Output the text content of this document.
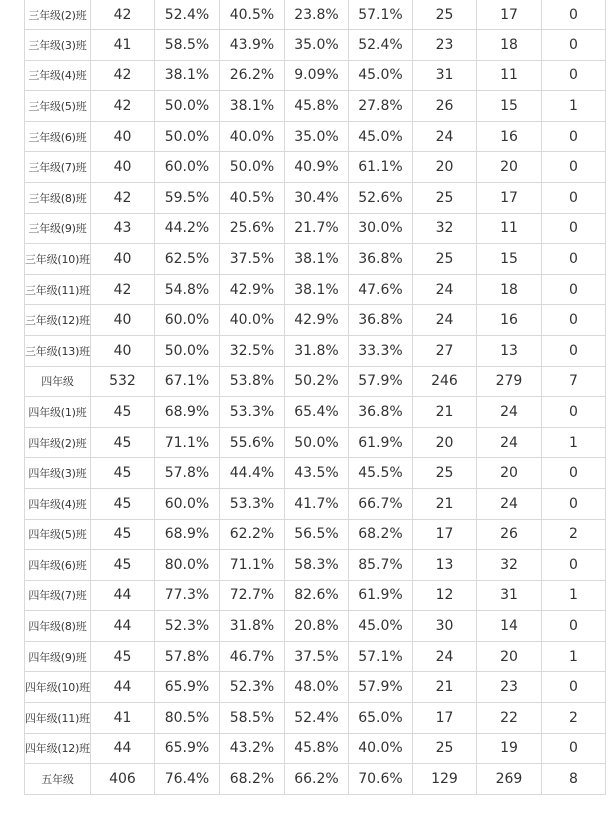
三年级(2)班	42	52.4%	40.5%	23.8%	57.1%	25	17	0
三年级(3)班	41	58.5%	43.9%	35.0%	52.4%	23	18	0
三年级(4)班	42	38.1%	26.2%	9.09%	45.0%	31	11	0
三年级(5)班	42	50.0%	38.1%	45.8%	27.8%	26	15	1
三年级(6)班	40	50.0%	40.0%	35.0%	45.0%	24	16	0
三年级(7)班	40	60.0%	50.0%	40.9%	61.1%	20	20	0
三年级(8)班	42	59.5%	40.5%	30.4%	52.6%	25	17	0
三年级(9)班	43	44.2%	25.6%	21.7%	30.0%	32	11	0
三年级(10)班	40	62.5%	37.5%	38.1%	36.8%	25	15	0
三年级(11)班	42	54.8%	42.9%	38.1%	47.6%	24	18	0
三年级(12)班	40	60.0%	40.0%	42.9%	36.8%	24	16	0
三年级(13)班	40	50.0%	32.5%	31.8%	33.3%	27	13	0
四年级	532	67.1%	53.8%	50.2%	57.9%	246	279	7
四年级(1)班	45	68.9%	53.3%	65.4%	36.8%	21	24	0
四年级(2)班	45	71.1%	55.6%	50.0%	61.9%	20	24	1
四年级(3)班	45	57.8%	44.4%	43.5%	45.5%	25	20	0
四年级(4)班	45	60.0%	53.3%	41.7%	66.7%	21	24	0
四年级(5)班	45	68.9%	62.2%	56.5%	68.2%	17	26	2
四年级(6)班	45	80.0%	71.1%	58.3%	85.7%	13	32	0
四年级(7)班	44	77.3%	72.7%	82.6%	61.9%	12	31	1
四年级(8)班	44	52.3%	31.8%	20.8%	45.0%	30	14	0
四年级(9)班	45	57.8%	46.7%	37.5%	57.1%	24	20	1
四年级(10)班	44	65.9%	52.3%	48.0%	57.9%	21	23	0
四年级(11)班	41	80.5%	58.5%	52.4%	65.0%	17	22	2
四年级(12)班	44	65.9%	43.2%	45.8%	40.0%	25	19	0
五年级	406	76.4%	68.2%	66.2%	70.6%	129	269	8
